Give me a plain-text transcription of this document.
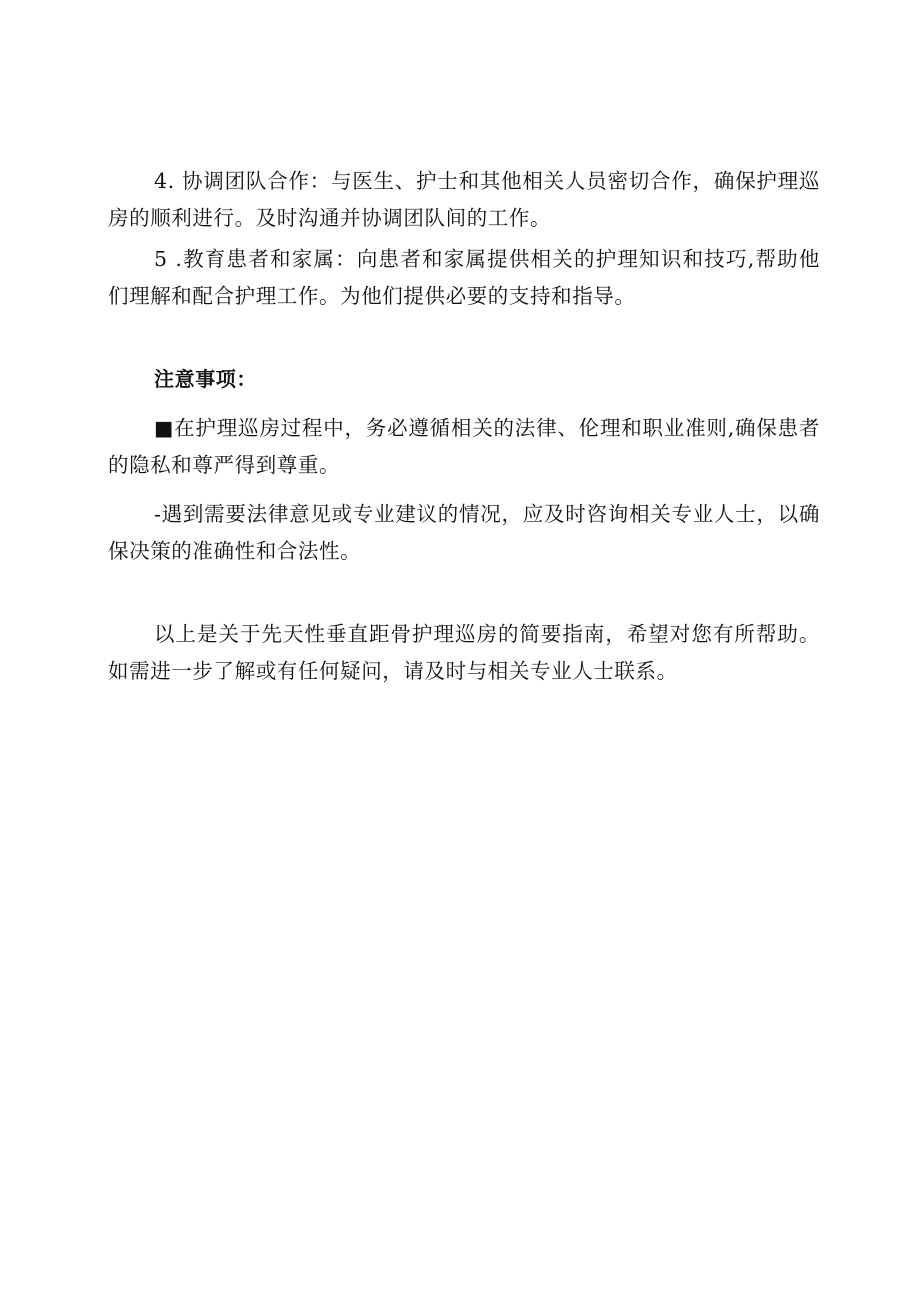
4. 协调团队合作：与医生、护士和其他相关人员密切合作，确保护理巡房的顺利进行。及时沟通并协调团队间的工作。

5 .教育患者和家属：向患者和家属提供相关的护理知识和技巧,帮助他们理解和配合护理工作。为他们提供必要的支持和指导。

注意事项：

■在护理巡房过程中，务必遵循相关的法律、伦理和职业准则,确保患者的隐私和尊严得到尊重。

-遇到需要法律意见或专业建议的情况，应及时咨询相关专业人士，以确保决策的准确性和合法性。

以上是关于先天性垂直距骨护理巡房的简要指南，希望对您有所帮助。如需进一步了解或有任何疑问，请及时与相关专业人士联系。
